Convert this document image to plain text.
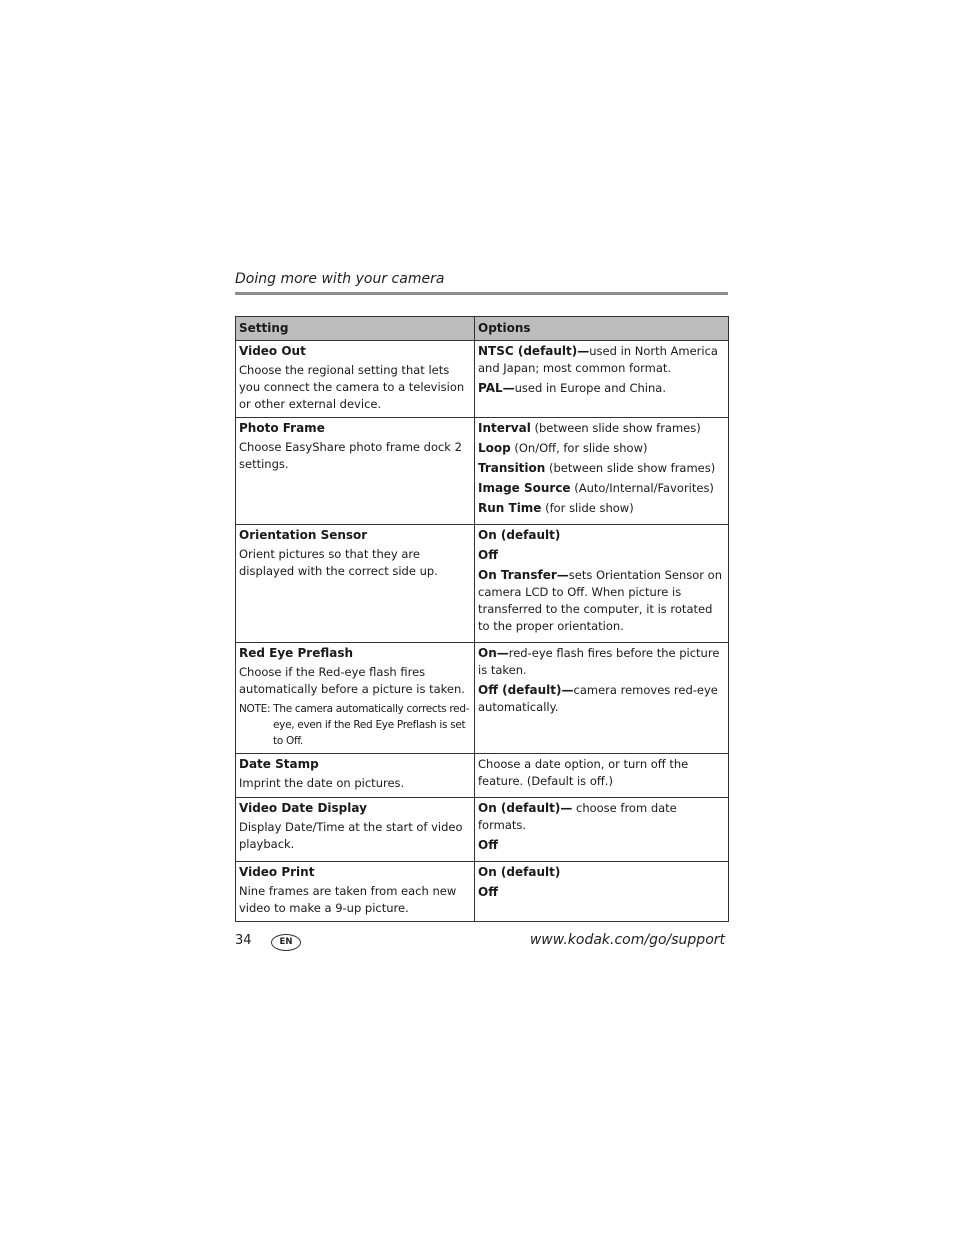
Doing more with your camera
Setting	Options

Video Out
Choose the regional setting that lets you connect the camera to a television or other external device.	NTSC (default)—used in North America and Japan; most common format.
PAL—used in Europe and China.

Photo Frame
Choose EasyShare photo frame dock 2 settings.	Interval (between slide show frames)
Loop (On/Off, for slide show)
Transition (between slide show frames)
Image Source (Auto/Internal/Favorites)
Run Time (for slide show)

Orientation Sensor
Orient pictures so that they are displayed with the correct side up.	On (default)
Off
On Transfer—sets Orientation Sensor on camera LCD to Off. When picture is transferred to the computer, it is rotated to the proper orientation.

Red Eye Preflash
Choose if the Red-eye flash fires automatically before a picture is taken.
NOTE: The camera automatically corrects red-eye, even if the Red Eye Preflash is set to Off.	On—red-eye flash fires before the picture is taken.
Off (default)—camera removes red-eye automatically.

Date Stamp
Imprint the date on pictures.	Choose a date option, or turn off the feature. (Default is off.)

Video Date Display
Display Date/Time at the start of video playback.	On (default)— choose from date formats.
Off

Video Print
Nine frames are taken from each new video to make a 9-up picture.	On (default)
Off
34	EN	www.kodak.com/go/support
